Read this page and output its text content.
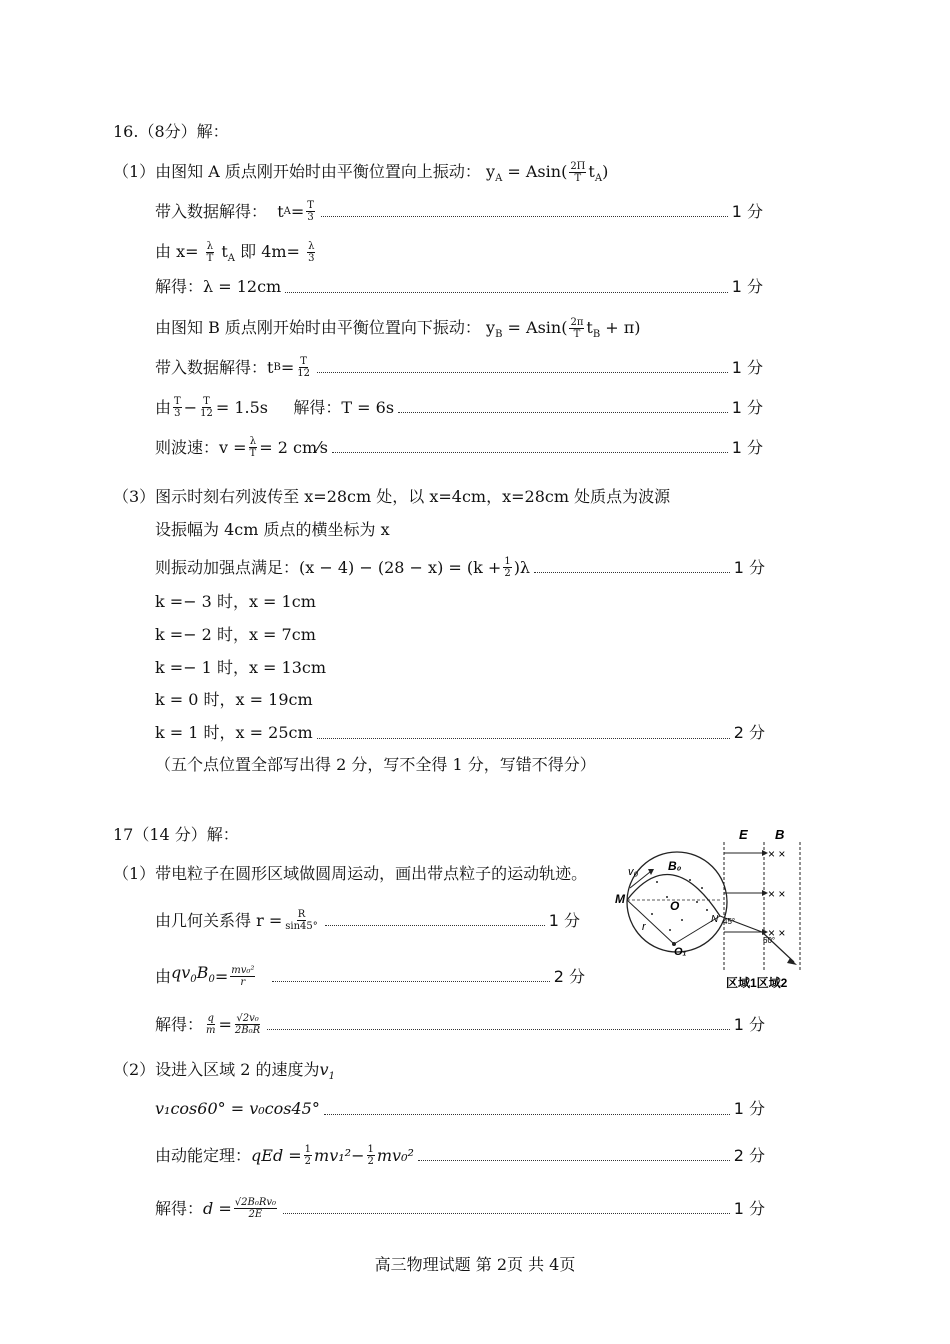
16.（8分）解：
（1）由图知 A 质点刚开始时由平衡位置向上振动： $y_A = Asin( \frac{2\Pi}{T} t_A)$
带入数据解得：
t $A = \frac{T}{3}$	1 分
由 $x= \frac{\lambda}{T} t_A$ 即 $4m= \frac{\lambda}{3}$
解得：λ = 12cm	1 分
由图知 B 质点刚开始时由平衡位置向下振动： $y_B = Asin( \frac{2\pi}{T} t_B + \pi)$
带入数据解得： t $B = \frac{T}{12}$	1 分
由 $\frac{T}{3} - \frac{T}{12} = 1.5s$
解得：T = 6s	1 分
则波速：$v = \frac{\lambda}{T} = 2$ cm⁄s	1 分
（3）图示时刻右列波传至 x=28cm 处，以 x=4cm，x=28cm 处质点为波源
设振幅为 4cm 质点的横坐标为 x
则振动加强点满足： $(x - 4) - (28 - x) = (k + \frac{1}{2} )\lambda$	1 分
k =− 3 时，x = 1cm
k =− 2 时，x = 7cm
k =− 1 时，x = 13cm
k = 0 时，x = 19cm
k = 1 时，x = 25cm	2 分
（五个点位置全部写出得 2 分，写不全得 1 分，写错不得分）
17（14 分）解：
（1）带电粒子在圆形区域做圆周运动，画出带点粒子的运动轨迹。
由几何关系得 $r = \frac{R}{\sin 45^\circ}$	1 分
由 $qv_0B_0 = \frac{\text{mv₀²}}{r}$
	2 分
解得： $\frac{q}{m} = \frac{\text{√2v₀}}{\text{2B₀R}}$	1 分
（2）设进入区域 2 的速度为$v_1$
v₁cos60° = v₀cos45°	1 分
由动能定理： qEd = $\frac{1}{2} mv_1^2 - \frac{1}{2} mv_0^2$	2 分
解得： $d = \frac{\text{√2B₀Rv₀}}{2E}$	1 分
E B
× ×
× ×
× ×
v₀ B₀
M	O
O₁
r
N 45°
60°
区域1区域2
高三物理试题 第 2页 共 4页
